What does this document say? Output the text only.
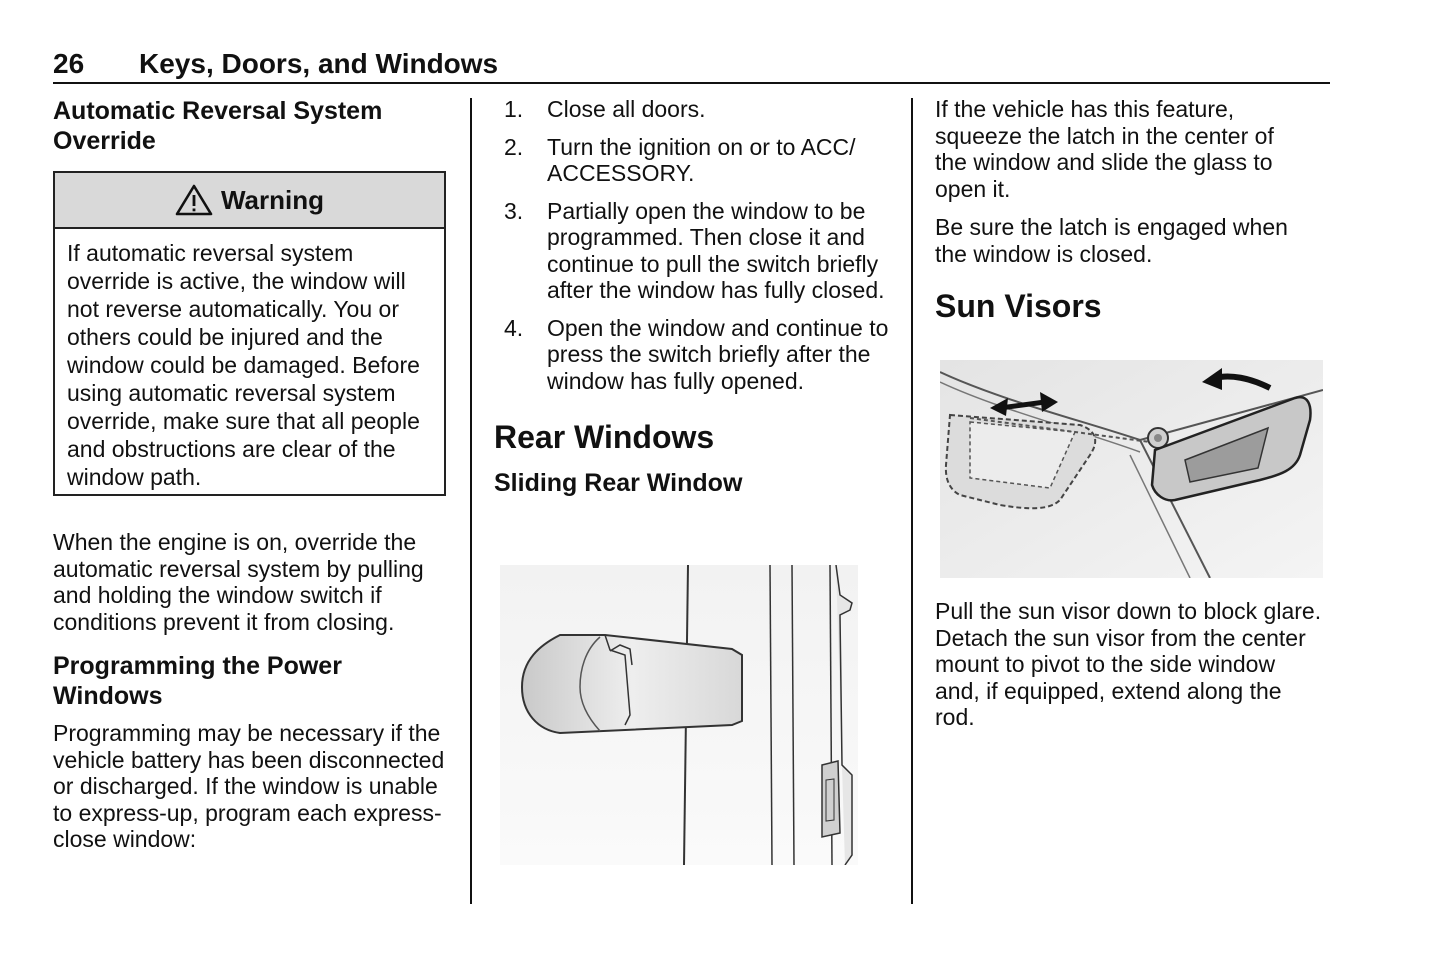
26 Keys, Doors, and Windows
Automatic Reversal System Override
Warning
If automatic reversal system override is active, the window will not reverse automatically. You or others could be injured and the window could be damaged. Before using automatic reversal system override, make sure that all people and obstructions are clear of the window path.

When the engine is on, override the automatic reversal system by pulling and holding the window switch if conditions prevent it from closing.

Programming the Power Windows

Programming may be necessary if the vehicle battery has been disconnected or discharged. If the window is unable to express-up, program each express-close window:

1.	Close all doors.
2.	Turn the ignition on or to ACC/ ACCESSORY.
3.	Partially open the window to be programmed. Then close it and continue to pull the switch briefly after the window has fully closed.
4.	Open the window and continue to press the switch briefly after the window has fully opened.
Rear Windows
Sliding Rear Window

If the vehicle has this feature, squeeze the latch in the center of the window and slide the glass to open it.

Be sure the latch is engaged when the window is closed.

Sun Visors

Pull the sun visor down to block glare. Detach the sun visor from the center mount to pivot to the side window and, if equipped, extend along the rod.
